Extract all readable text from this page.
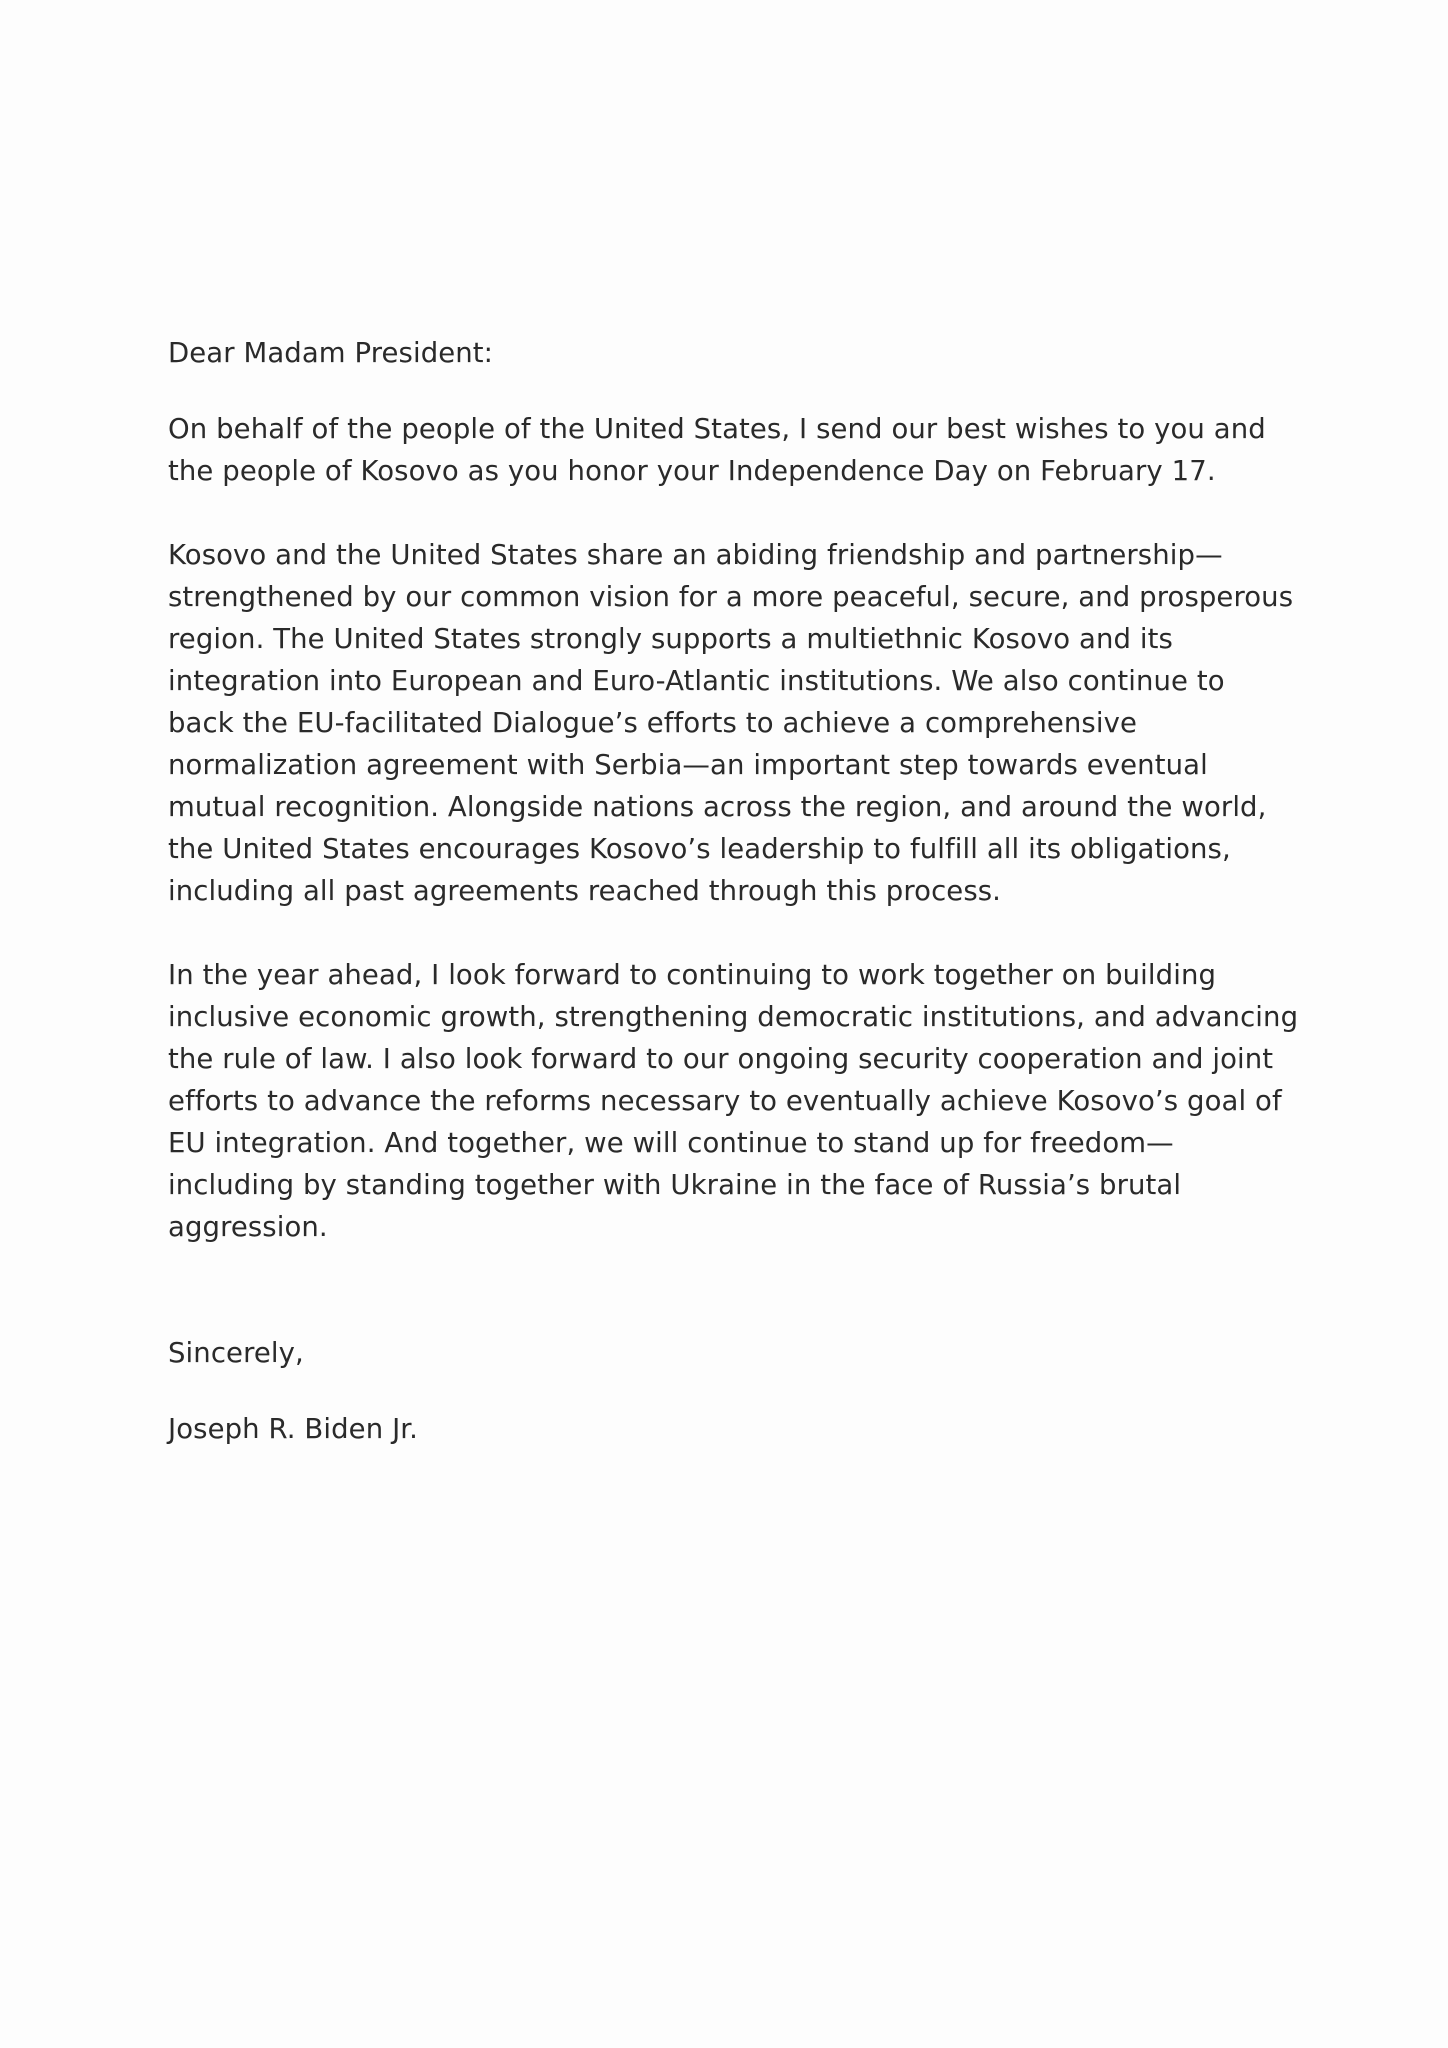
Dear Madam President:
On behalf of the people of the United States, I send our best wishes to you and
the people of Kosovo as you honor your Independence Day on February 17.
Kosovo and the United States share an abiding friendship and partnership—
strengthened by our common vision for a more peaceful, secure, and prosperous
region. The United States strongly supports a multiethnic Kosovo and its
integration into European and Euro-Atlantic institutions. We also continue to
back the EU-facilitated Dialogue’s efforts to achieve a comprehensive
normalization agreement with Serbia—an important step towards eventual
mutual recognition. Alongside nations across the region, and around the world,
the United States encourages Kosovo’s leadership to fulfill all its obligations,
including all past agreements reached through this process.
In the year ahead, I look forward to continuing to work together on building
inclusive economic growth, strengthening democratic institutions, and advancing
the rule of law. I also look forward to our ongoing security cooperation and joint
efforts to advance the reforms necessary to eventually achieve Kosovo’s goal of
EU integration. And together, we will continue to stand up for freedom—
including by standing together with Ukraine in the face of Russia’s brutal
aggression.
Sincerely,
Joseph R. Biden Jr.
